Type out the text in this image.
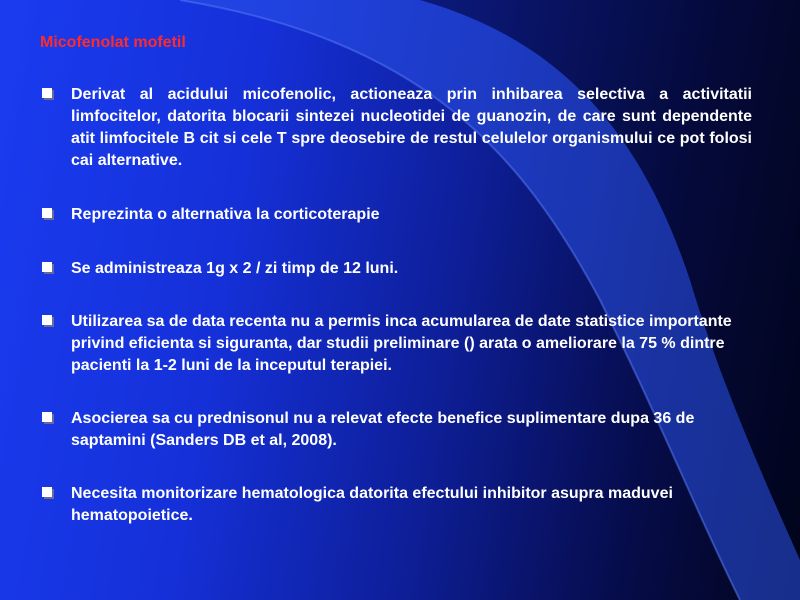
Micofenolat mofetil
Derivat al acidului micofenolic, actioneaza prin inhibarea selectiva a activitatii limfocitelor, datorita blocarii sintezei nucleotidei de guanozin, de care sunt dependente atit limfocitele B cit si cele T spre deosebire de restul celulelor organismului ce pot folosi cai alternative.
Reprezinta o alternativa la corticoterapie
Se administreaza 1g x 2 / zi timp de 12 luni.
Utilizarea sa de data recenta nu a permis inca acumularea de date statistice importante privind eficienta si siguranta, dar studii preliminare () arata o ameliorare la 75 % dintre pacienti la 1-2 luni de la inceputul terapiei.
Asocierea sa cu prednisonul nu a relevat efecte benefice suplimentare dupa 36 de saptamini (Sanders DB et al, 2008).
Necesita monitorizare hematologica datorita efectului inhibitor asupra maduvei hematopoietice.
